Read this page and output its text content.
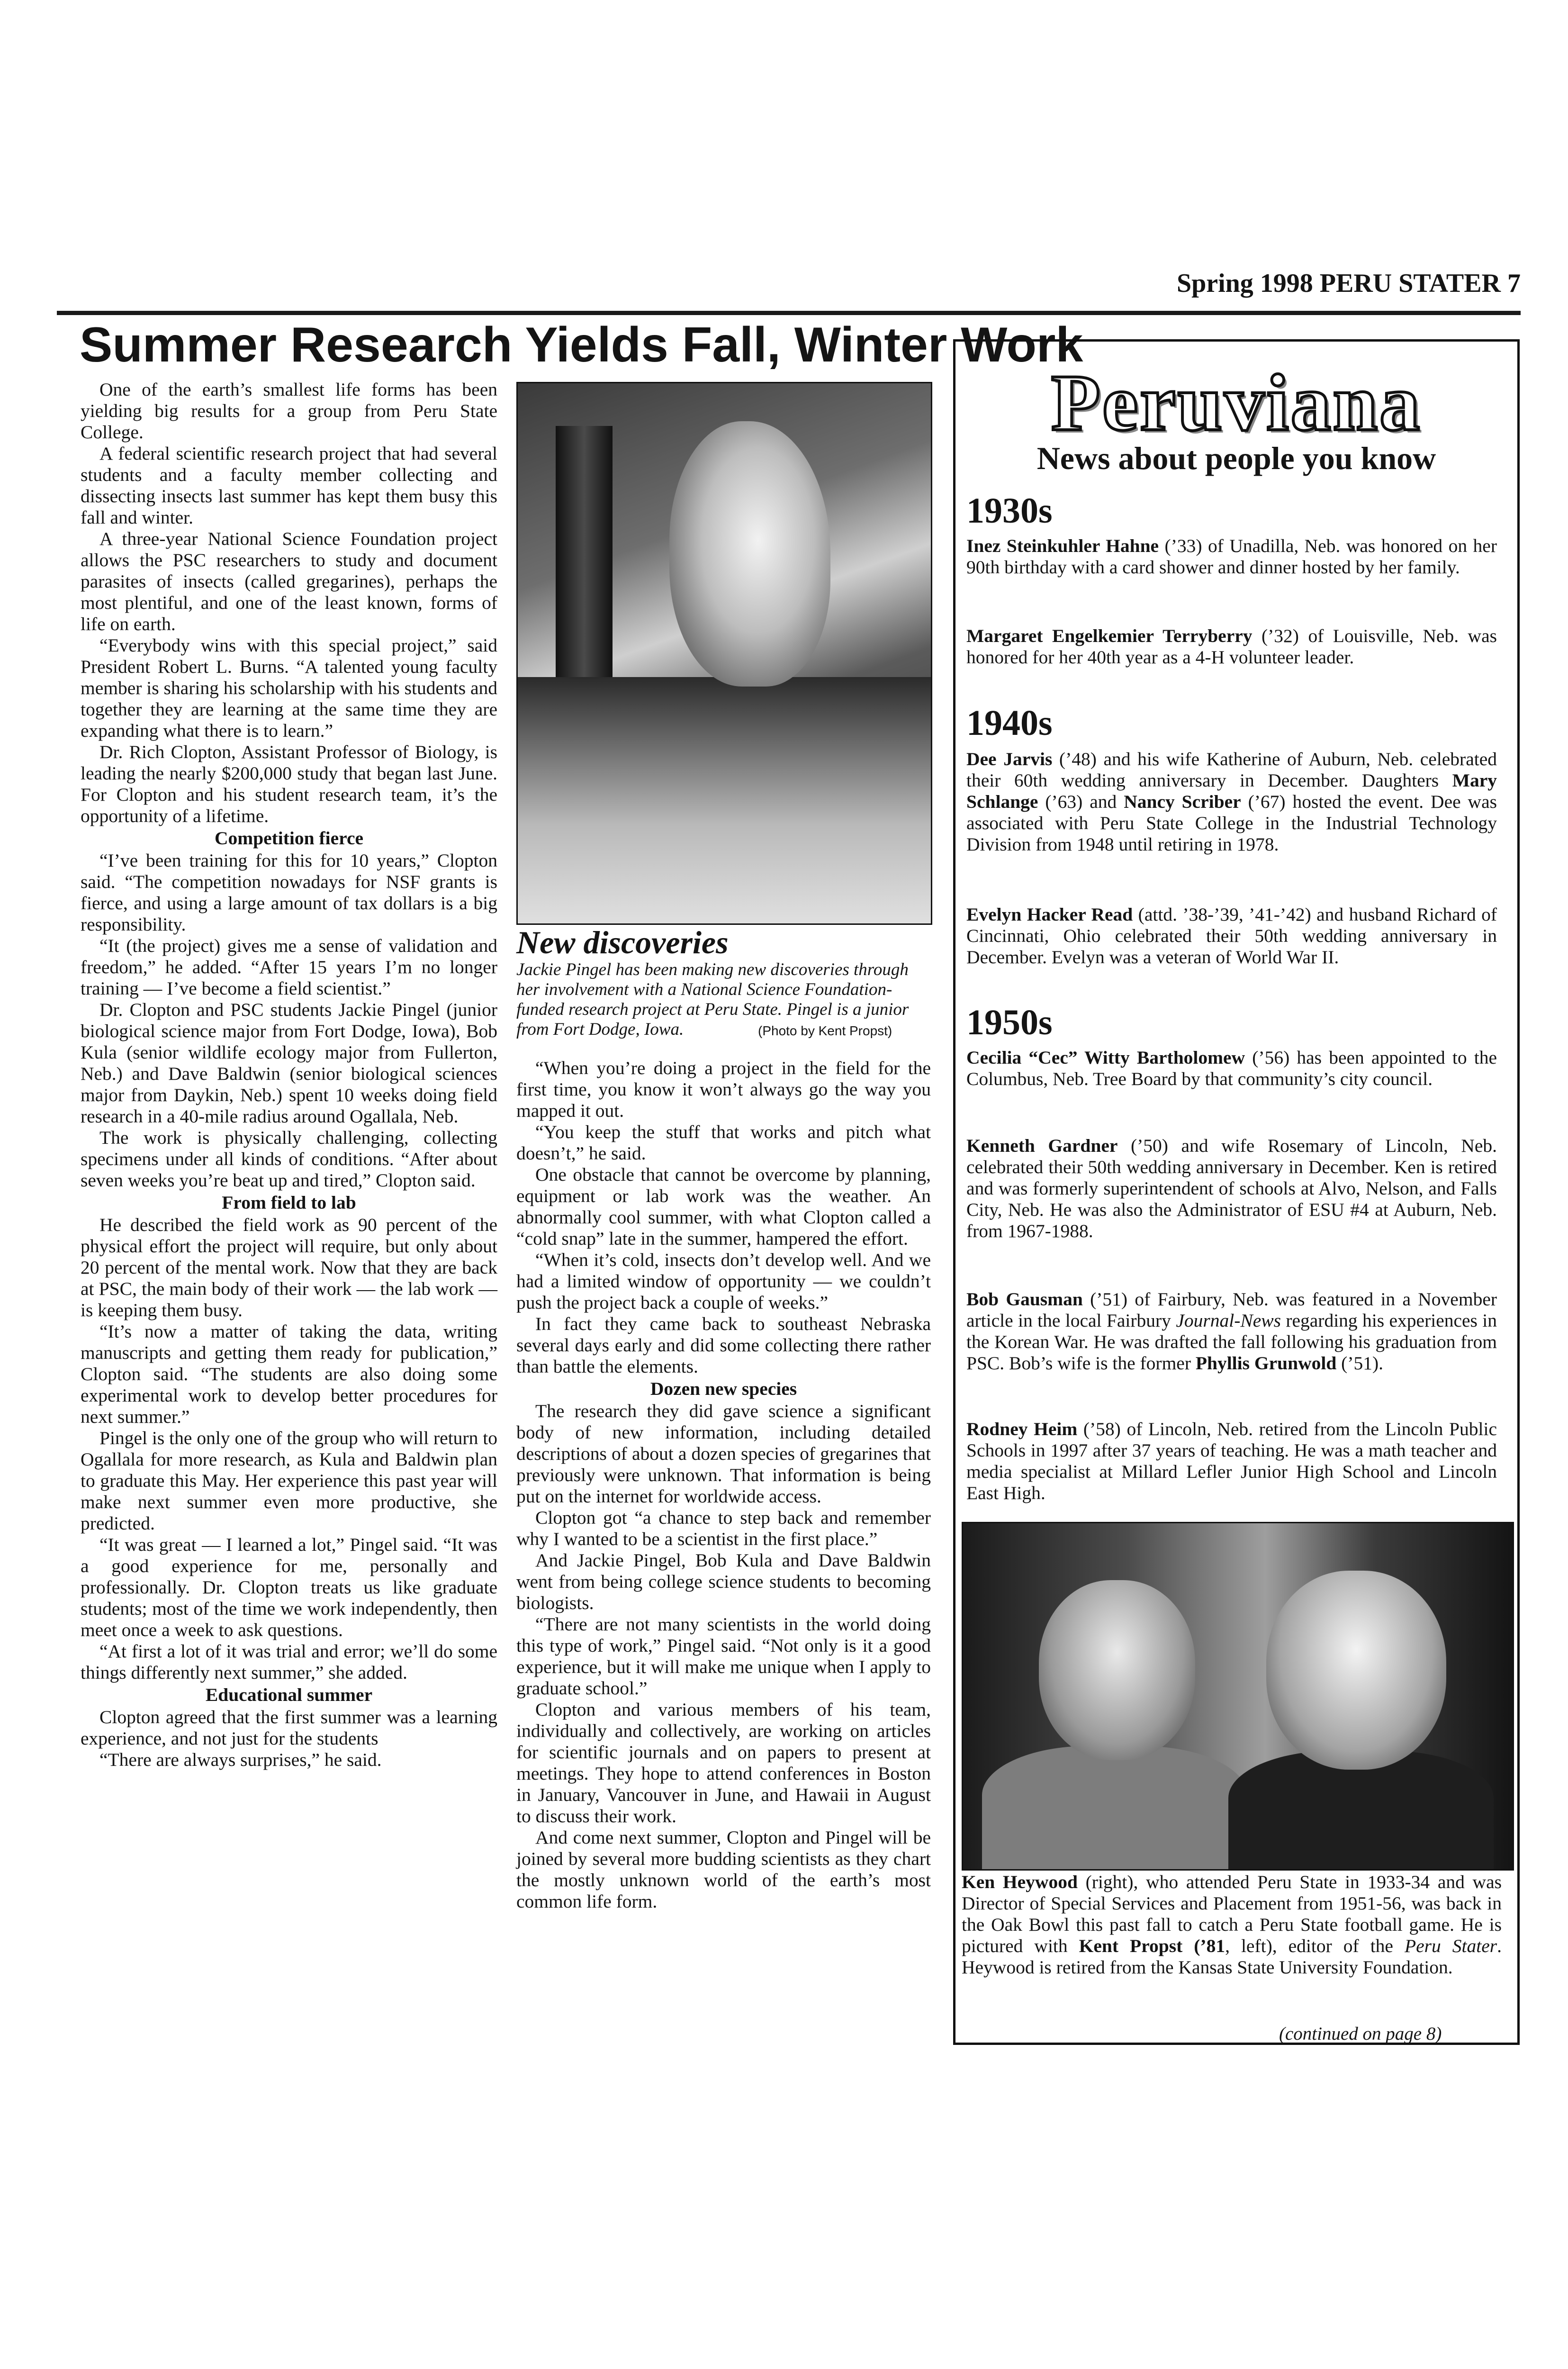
Spring 1998 PERU STATER 7
Summer Research Yields Fall, Winter Work

One of the earth’s smallest life forms has been yielding big results for a group from Peru State College.

A federal scientific research project that had several students and a faculty member collecting and dissecting insects last summer has kept them busy this fall and winter.

A three-year National Science Foundation project allows the PSC researchers to study and document parasites of insects (called gregarines), perhaps the most plentiful, and one of the least known, forms of life on earth.

“Everybody wins with this special project,” said President Robert L. Burns. “A talented young faculty member is sharing his scholarship with his students and together they are learning at the same time they are expanding what there is to learn.”

Dr. Rich Clopton, Assistant Professor of Biology, is leading the nearly $200,000 study that began last June. For Clopton and his student research team, it’s the opportunity of a lifetime.

Competition fierce

“I’ve been training for this for 10 years,” Clopton said. “The competition nowadays for NSF grants is fierce, and using a large amount of tax dollars is a big responsibility.

“It (the project) gives me a sense of validation and freedom,” he added. “After 15 years I’m no longer training — I’ve become a field scientist.”

Dr. Clopton and PSC students Jackie Pingel (junior biological science major from Fort Dodge, Iowa), Bob Kula (senior wildlife ecology major from Fullerton, Neb.) and Dave Baldwin (senior biological sciences major from Daykin, Neb.) spent 10 weeks doing field research in a 40-mile radius around Ogallala, Neb.

The work is physically challenging, collecting specimens under all kinds of conditions. “After about seven weeks you’re beat up and tired,” Clopton said.

From field to lab

He described the field work as 90 percent of the physical effort the project will require, but only about 20 percent of the mental work. Now that they are back at PSC, the main body of their work — the lab work — is keeping them busy.

“It’s now a matter of taking the data, writing manuscripts and getting them ready for publication,” Clopton said. “The students are also doing some experimental work to develop better procedures for next summer.”

Pingel is the only one of the group who will return to Ogallala for more research, as Kula and Baldwin plan to graduate this May. Her experience this past year will make next summer even more productive, she predicted.

“It was great — I learned a lot,” Pingel said. “It was a good experience for me, personally and professionally. Dr. Clopton treats us like graduate students; most of the time we work independently, then meet once a week to ask questions.

“At first a lot of it was trial and error; we’ll do some things differently next summer,” she added.

Educational summer

Clopton agreed that the first summer was a learning experience, and not just for the students

“There are always surprises,” he said.

New discoveries
Jackie Pingel has been making new discoveries through her involvement with a National Science Foundation-funded research project at Peru State. Pingel is a junior from Fort Dodge, Iowa.	(Photo by Kent Propst)

“When you’re doing a project in the field for the first time, you know it won’t always go the way you mapped it out.

“You keep the stuff that works and pitch what doesn’t,” he said.

One obstacle that cannot be overcome by planning, equipment or lab work was the weather. An abnormally cool summer, with what Clopton called a “cold snap” late in the summer, hampered the effort.

“When it’s cold, insects don’t develop well. And we had a limited window of opportunity — we couldn’t push the project back a couple of weeks.”

In fact they came back to southeast Nebraska several days early and did some collecting there rather than battle the elements.

Dozen new species

The research they did gave science a significant body of new information, including detailed descriptions of about a dozen species of gregarines that previously were unknown. That information is being put on the internet for worldwide access.

Clopton got “a chance to step back and remember why I wanted to be a scientist in the first place.”

And Jackie Pingel, Bob Kula and Dave Baldwin went from being college science students to becoming biologists.

“There are not many scientists in the world doing this type of work,” Pingel said. “Not only is it a good experience, but it will make me unique when I apply to graduate school.”

Clopton and various members of his team, individually and collectively, are working on articles for scientific journals and on papers to present at meetings. They hope to attend conferences in Boston in January, Vancouver in June, and Hawaii in August to discuss their work.

And come next summer, Clopton and Pingel will be joined by several more budding scientists as they chart the mostly unknown world of the earth’s most common life form.

Peruviana
News about people you know
1930s
Inez Steinkuhler Hahne (’33) of Unadilla, Neb. was honored on her 90th birthday with a card shower and dinner hosted by her family.
Margaret Engelkemier Terryberry (’32) of Louisville, Neb. was honored for her 40th year as a 4-H volunteer leader.
1940s
Dee Jarvis (’48) and his wife Katherine of Auburn, Neb. celebrated their 60th wedding anniversary in December. Daughters Mary Schlange (’63) and Nancy Scriber (’67) hosted the event. Dee was associated with Peru State College in the Industrial Technology Division from 1948 until retiring in 1978.
Evelyn Hacker Read (attd. ’38-’39, ’41-’42) and husband Richard of Cincinnati, Ohio celebrated their 50th wedding anniversary in December. Evelyn was a veteran of World War II.
1950s
Cecilia “Cec” Witty Bartholomew (’56) has been appointed to the Columbus, Neb. Tree Board by that community’s city council.
Kenneth Gardner (’50) and wife Rosemary of Lincoln, Neb. celebrated their 50th wedding anniversary in December. Ken is retired and was formerly superintendent of schools at Alvo, Nelson, and Falls City, Neb. He was also the Administrator of ESU #4 at Auburn, Neb. from 1967-1988.
Bob Gausman (’51) of Fairbury, Neb. was featured in a November article in the local Fairbury Journal-News regarding his experiences in the Korean War. He was drafted the fall following his graduation from PSC. Bob’s wife is the former Phyllis Grunwold (’51).
Rodney Heim (’58) of Lincoln, Neb. retired from the Lincoln Public Schools in 1997 after 37 years of teaching. He was a math teacher and media specialist at Millard Lefler Junior High School and Lincoln East High.
Ken Heywood (right), who attended Peru State in 1933-34 and was Director of Special Services and Placement from 1951-56, was back in the Oak Bowl this past fall to catch a Peru State football game. He is pictured with Kent Propst (’81, left), editor of the Peru Stater. Heywood is retired from the Kansas State University Foundation.
(continued on page 8)
